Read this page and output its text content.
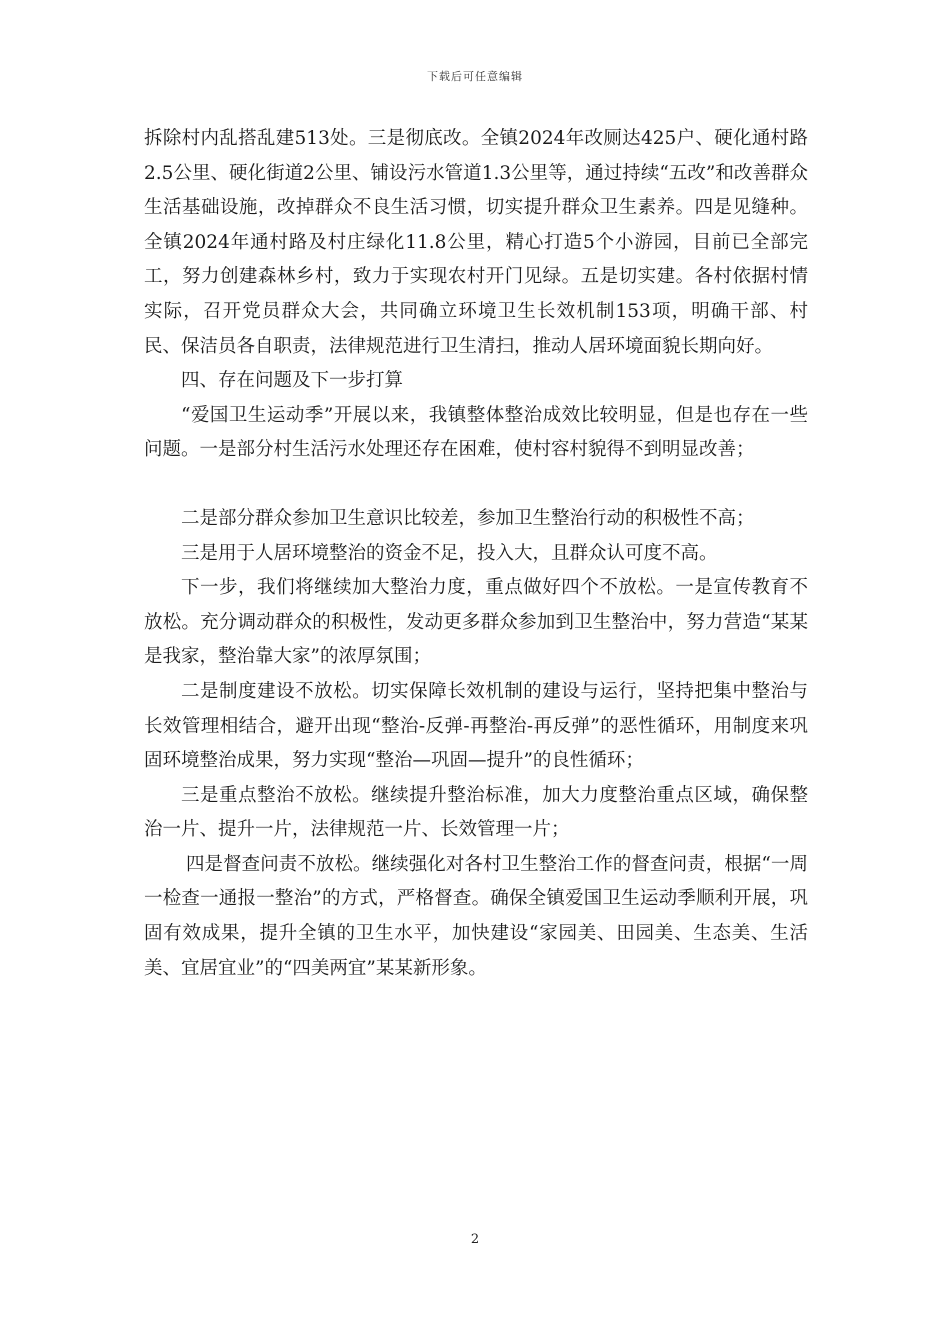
下载后可任意编辑

拆除村内乱搭乱建513处。三是彻底改。全镇2024年改厕达425户、硬化通村路2.5公里、硬化街道2公里、铺设污水管道1.3公里等，通过持续“五改”和改善群众生活基础设施，改掉群众不良生活习惯，切实提升群众卫生素养。四是见缝种。全镇2024年通村路及村庄绿化11.8公里，精心打造5个小游园，目前已全部完工，努力创建森林乡村，致力于实现农村开门见绿。五是切实建。各村依据村情实际，召开党员群众大会，共同确立环境卫生长效机制153项，明确干部、村民、保洁员各自职责，法律规范进行卫生清扫，推动人居环境面貌长期向好。

四、存在问题及下一步打算

“爱国卫生运动季”开展以来，我镇整体整治成效比较明显，但是也存在一些问题。一是部分村生活污水处理还存在困难，使村容村貌得不到明显改善；

二是部分群众参加卫生意识比较差，参加卫生整治行动的积极性不高；

三是用于人居环境整治的资金不足，投入大，且群众认可度不高。

下一步，我们将继续加大整治力度，重点做好四个不放松。一是宣传教育不放松。充分调动群众的积极性，发动更多群众参加到卫生整治中，努力营造“某某是我家，整治靠大家”的浓厚氛围；

二是制度建设不放松。切实保障长效机制的建设与运行，坚持把集中整治与长效管理相结合，避开出现“整治-反弹-再整治-再反弹”的恶性循环，用制度来巩固环境整治成果，努力实现“整治—巩固—提升”的良性循环；

三是重点整治不放松。继续提升整治标准，加大力度整治重点区域，确保整治一片、提升一片，法律规范一片、长效管理一片；

四是督查问责不放松。继续强化对各村卫生整治工作的督查问责，根据“一周一检查一通报一整治”的方式，严格督查。确保全镇爱国卫生运动季顺利开展，巩固有效成果，提升全镇的卫生水平，加快建设“家园美、田园美、生态美、生活美、宜居宜业”的“四美两宜”某某新形象。

2
